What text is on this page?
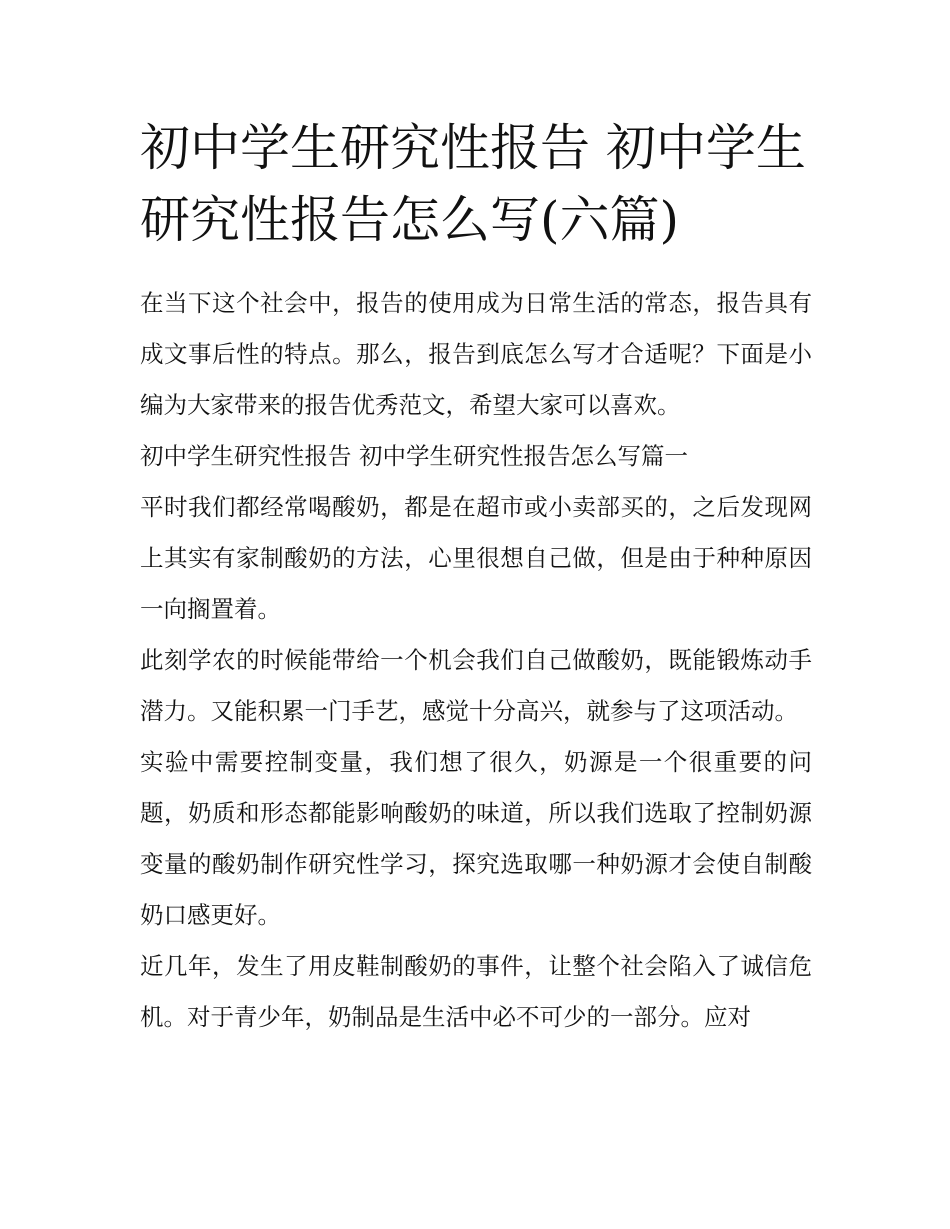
初中学生研究性报告 初中学生研究性报告怎么写(六篇)

在当下这个社会中，报告的使用成为日常生活的常态，报告具有成文事后性的特点。那么，报告到底怎么写才合适呢？下面是小编为大家带来的报告优秀范文，希望大家可以喜欢。

初中学生研究性报告 初中学生研究性报告怎么写篇一

平时我们都经常喝酸奶，都是在超市或小卖部买的，之后发现网上其实有家制酸奶的方法，心里很想自己做，但是由于种种原因一向搁置着。

此刻学农的时候能带给一个机会我们自己做酸奶，既能锻炼动手潜力。又能积累一门手艺，感觉十分高兴，就参与了这项活动。

实验中需要控制变量，我们想了很久，奶源是一个很重要的问题，奶质和形态都能影响酸奶的味道，所以我们选取了控制奶源变量的酸奶制作研究性学习，探究选取哪一种奶源才会使自制酸奶口感更好。

近几年，发生了用皮鞋制酸奶的事件，让整个社会陷入了诚信危机。对于青少年，奶制品是生活中必不可少的一部分。应对
